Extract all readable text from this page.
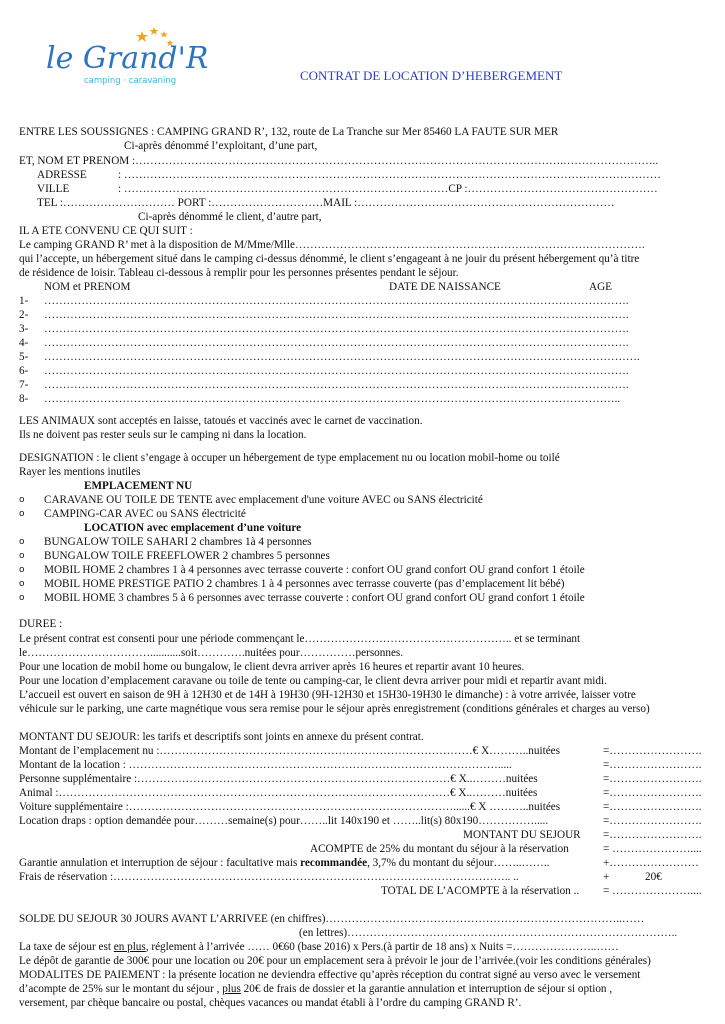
le Grand'R
camping · caravaning	CONTRAT DE LOCATION D’HEBERGEMENT
ENTRE LES SOUSSIGNES : CAMPING GRAND R’, 132, route de La Tranche sur Mer 85460 LA FAUTE SUR MER
Ci-après dénommé l’exploitant, d’une part,
ET, NOM ET PRENOM :…………………………………………………………………………………………………….……………………..
ADRESSE	: ………………………………………………………………………………………………………………………………
VILLE	: ……………………………………………………………………………CP :……………………………………………
TEL :………………………… PORT :…………………………MAIL :……………………………………………………………
Ci-après dénommé le client, d’autre part,
IL A ETE CONVENU CE QUI SUIT :
Le camping GRAND R’ met à la disposition de M/Mme/Mlle………………………………………………………………………………….
qui l’accepte, un hébergement situé dans le camping ci-dessus dénommé, le client s’engageant à ne jouir du présent hébergement qu’à titre
de résidence de loisir. Tableau ci-dessous à remplir pour les personnes présentes pendant le séjour.
NOM et PRENOM	DATE DE NAISSANCE	AGE
1- ………………………………………………………………………………………………………………………………………….
2- ………………………………………………………………………………………………………………………………………….
3- ………………………………………………………………………………………………………………………………………….
4- ………………………………………………………………………………………………………………………………………….
5- …………………………………………………………………………………………………………………………………………….
6- ………………………………………………………………………………………………………………………………………….
7- ………………………………………………………………………………………………………………………………………….
8- ………………………………………………………………………………………………………………………………………..
LES ANIMAUX sont acceptés en laisse, tatoués et vaccinés avec le carnet de vaccination.
Ils ne doivent pas rester seuls sur le camping ni dans la location.
DESIGNATION : le client s’engage à occuper un hébergement de type emplacement nu ou location mobil-home ou toilé
Rayer les mentions inutiles
EMPLACEMENT NU
o CARAVANE OU TOILE DE TENTE avec emplacement d'une voiture AVEC ou SANS électricité
o CAMPING-CAR AVEC ou SANS électricité
LOCATION avec emplacement d’une voiture
o BUNGALOW TOILE SAHARI 2 chambres 1à 4 personnes
o BUNGALOW TOILE FREEFLOWER 2 chambres 5 personnes
o MOBIL HOME 2 chambres 1 à 4 personnes avec terrasse couverte : confort OU grand confort OU grand confort 1 étoile
o MOBIL HOME PRESTIGE PATIO 2 chambres 1 à 4 personnes avec terrasse couverte (pas d’emplacement lit bébé)
o MOBIL HOME 3 chambres 5 à 6 personnes avec terrasse couverte : confort OU grand confort OU grand confort 1 étoile
DUREE :
Le présent contrat est consenti pour une période commençant le……………………………………………….. et se terminant
le……………………………...........soit………….nuitées pour……………personnes.
Pour une location de mobil home ou bungalow, le client devra arriver après 16 heures et repartir avant 10 heures.
Pour une location d’emplacement caravane ou toile de tente ou camping-car, le client devra arriver pour midi et repartir avant midi.
L’accueil est ouvert en saison de 9H à 12H30 et de 14H à 19H30 (9H-12H30 et 15H30-19H30 le dimanche) : à votre arrivée, laisser votre
véhicule sur le parking, une carte magnétique vous sera remise pour le séjour après enregistrement (conditions générales et charges au verso)
MONTANT DU SEJOUR: les tarifs et descriptifs sont joints en annexe du présent contrat.
Montant de l’emplacement nu :…………………………………………………………………………€ X………..nuitées	=…………………….
Montant de la location : ……………………………………………………………………………………….....	=…………………….
Personne supplémentaire :…………………………………………………………………………€ X..………nuitées	=…………………….
Animal :……………………………………………………………………………………………€ X..………nuitées	=…………………….
Voiture supplémentaire :……………………………………………………………………………......€ X ………..nuitées	=…………………….
Location draps : option demandée pour………semaine(s) pour……..lit 140x190 et ……..lit(s) 80x190…………….....	=…………………….
MONTANT DU SEJOUR =…………………….
ACOMPTE de 25% du montant du séjour à la réservation	= …………………....
Garantie annulation et interruption de séjour : facultative mais recommandée, 3,7% du montant du séjour……..……..	+……………………
Frais de réservation :…………………………………………………………………………………………….. ..	+	20€
TOTAL DE L’ACOMPTE à la réservation .. = …………………....
SOLDE DU SEJOUR 30 JOURS AVANT L’ARRIVEE (en chiffres)……………………………………………………………………..……
(en lettres)……………………………………………………………………………..
La taxe de séjour est en plus, réglement à l’arrivée …… 0€60 (base 2016) x Pers.(à partir de 18 ans) x Nuits =…………………..……
Le dépôt de garantie de 300€ pour une location ou 20€ pour un emplacement sera à prévoir le jour de l’arrivée.(voir les conditions générales)
MODALITES DE PAIEMENT : la présente location ne deviendra effective qu’après réception du contrat signé au verso avec le versement
d’acompte de 25% sur le montant du séjour , plus 20€ de frais de dossier et la garantie annulation et interruption de séjour si option ,
versement, par chèque bancaire ou postal, chèques vacances ou mandat établi à l’ordre du camping GRAND R’.
